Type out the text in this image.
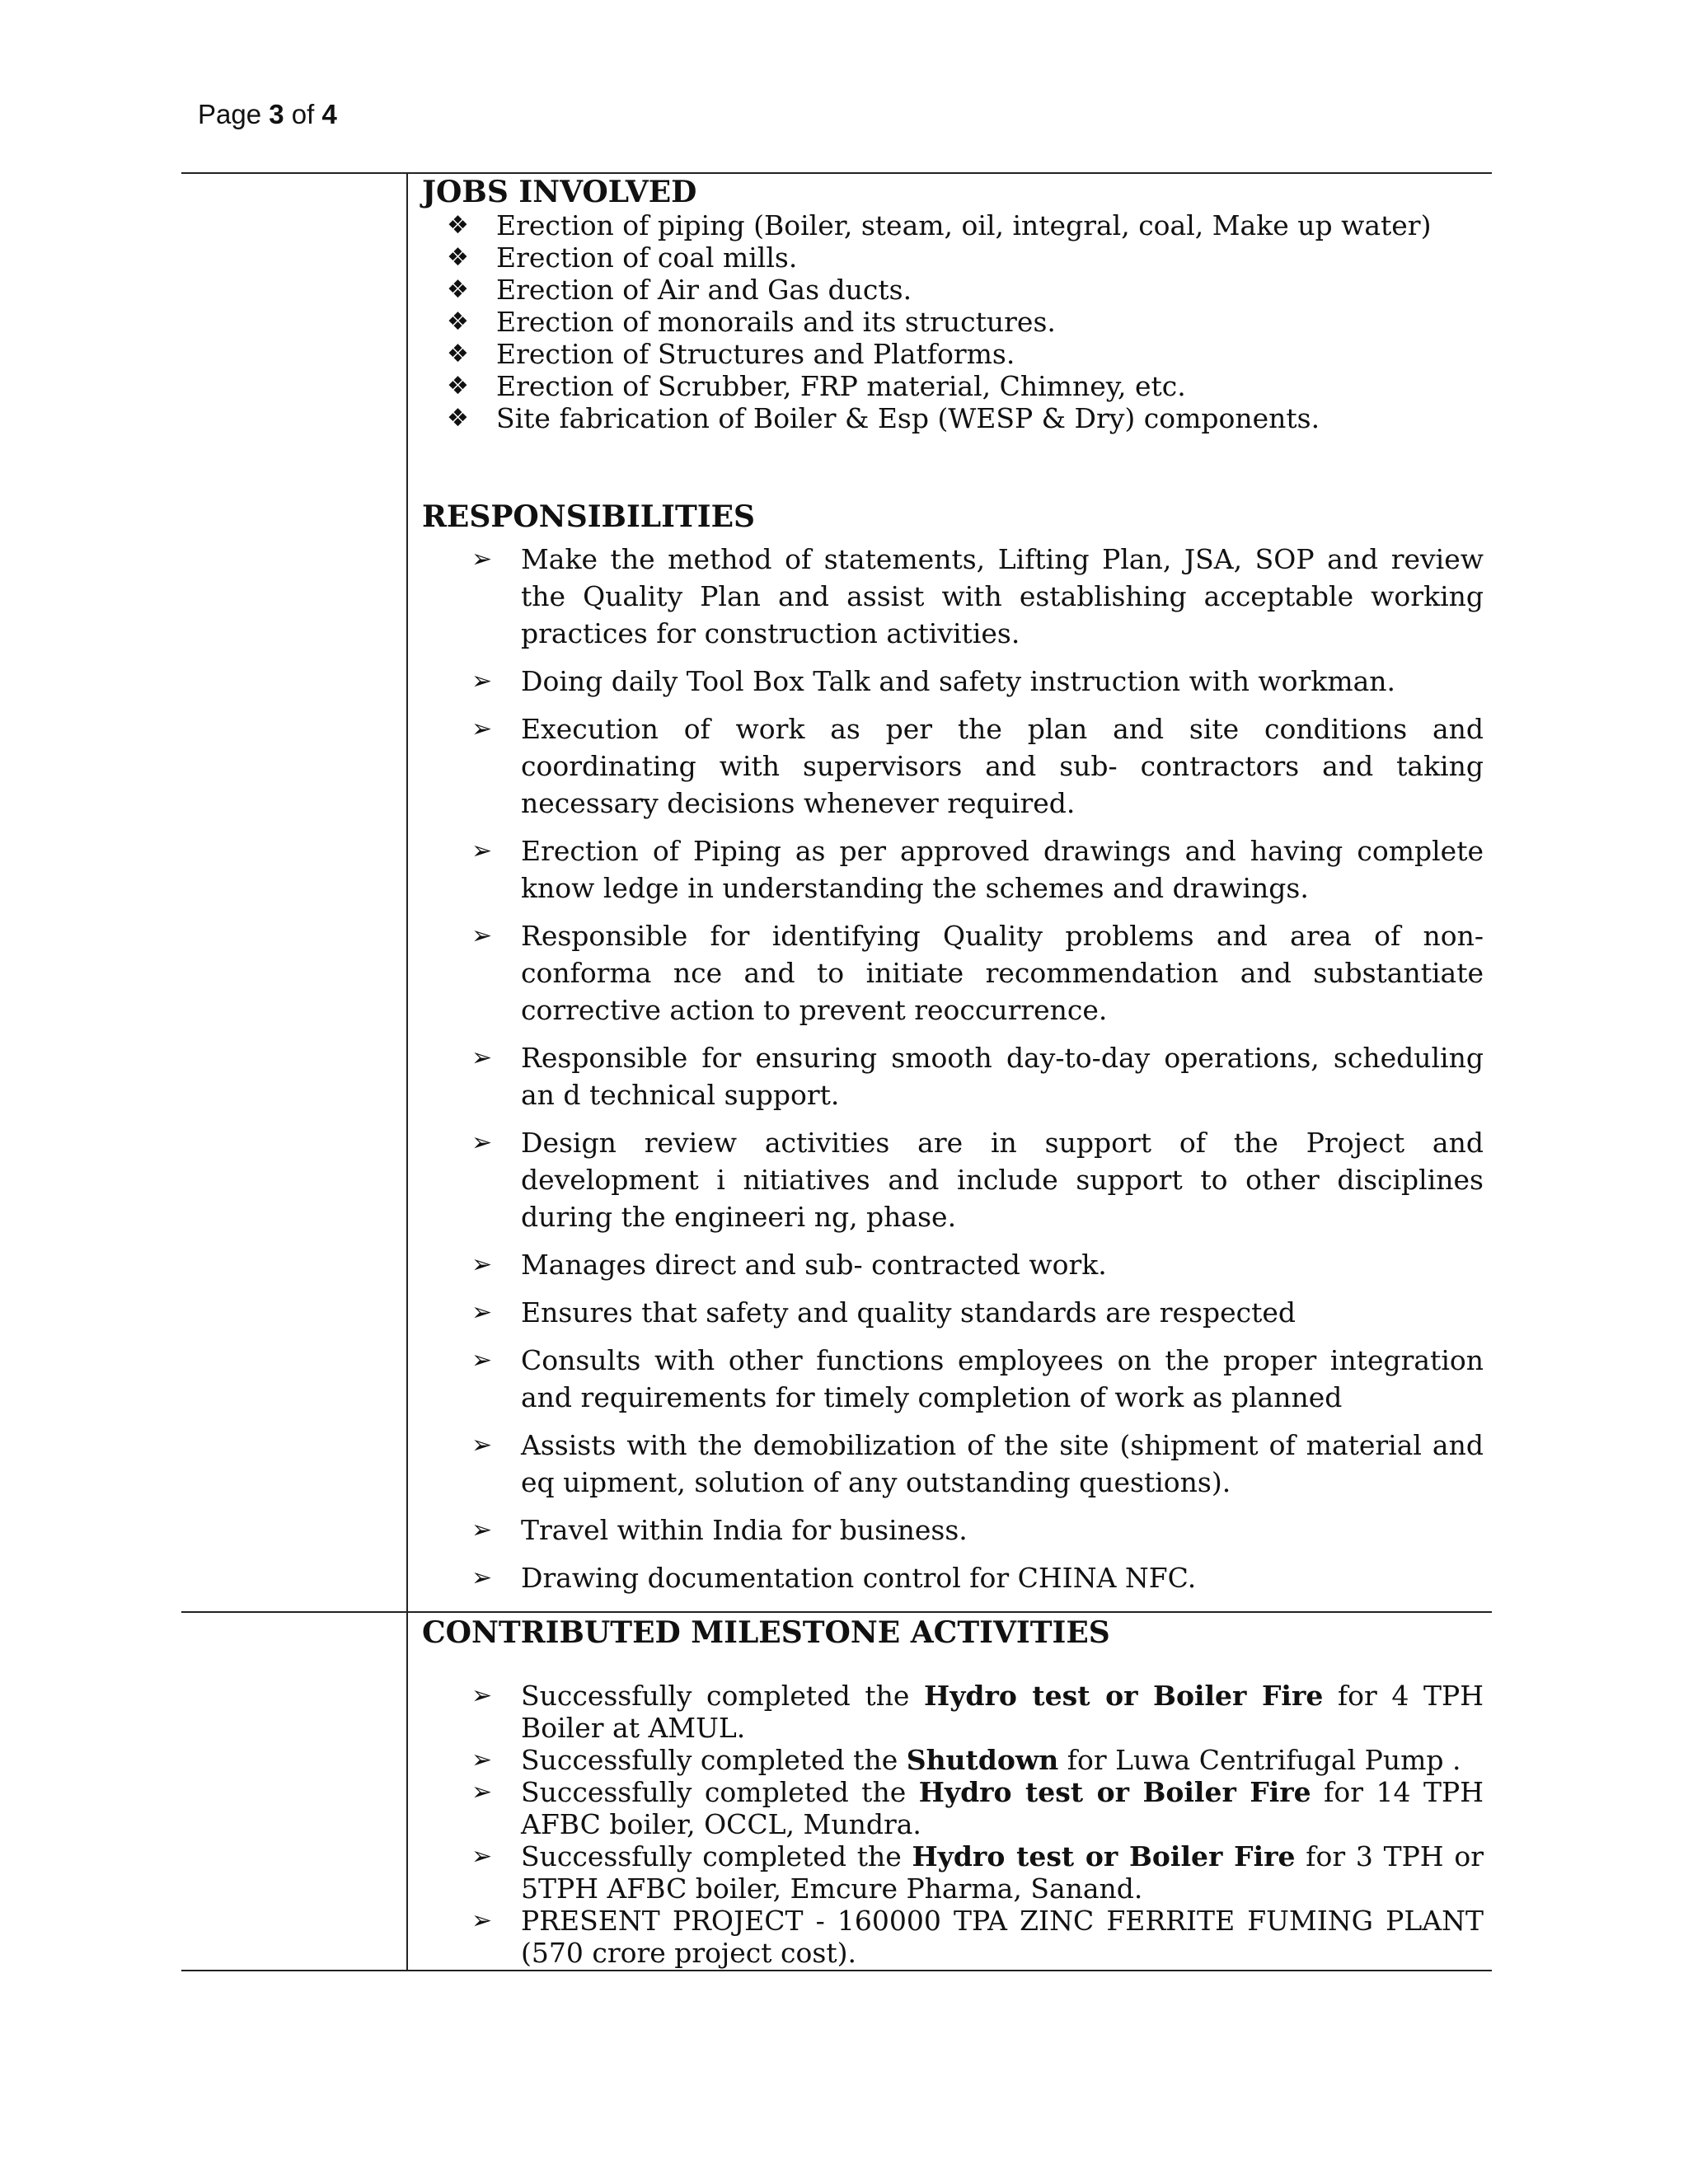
Page 3 of 4
JOBS INVOLVED
❖ Erection of piping (Boiler, steam, oil, integral, coal, Make up water)
❖ Erection of coal mills.
❖ Erection of Air and Gas ducts.
❖ Erection of monorails and its structures.
❖ Erection of Structures and Platforms.
❖ Erection of Scrubber, FRP material, Chimney, etc.
❖ Site fabrication of Boiler & Esp (WESP & Dry) components.
RESPONSIBILITIES
➢ Make the method of statements, Lifting Plan, JSA, SOP and review the Quality Plan and assist with establishing acceptable working practices for construction activities.
➢ Doing daily Tool Box Talk and safety instruction with workman.
➢ Execution of work as per the plan and site conditions and coordinating with supervisors and sub- contractors and taking necessary decisions whenever required.
➢ Erection of Piping as per approved drawings and having complete know ledge in understanding the schemes and drawings.
➢ Responsible for identifying Quality problems and area of non-conforma nce and to initiate recommendation and substantiate corrective action to prevent reoccurrence.
➢ Responsible for ensuring smooth day-to-day operations, scheduling an d technical support.
➢ Design review activities are in support of the Project and development i nitiatives and include support to other disciplines during the engineeri ng, phase.
➢ Manages direct and sub- contracted work.
➢ Ensures that safety and quality standards are respected
➢ Consults with other functions employees on the proper integration and requirements for timely completion of work as planned
➢ Assists with the demobilization of the site (shipment of material and eq uipment, solution of any outstanding questions).
➢ Travel within India for business.
➢ Drawing documentation control for CHINA NFC.
CONTRIBUTED MILESTONE ACTIVITIES
➢ Successfully completed the Hydro test or Boiler Fire for 4 TPH Boiler at AMUL.
➢ Successfully completed the Shutdown for Luwa Centrifugal Pump .
➢ Successfully completed the Hydro test or Boiler Fire for 14 TPH AFBC boiler, OCCL, Mundra.
➢ Successfully completed the Hydro test or Boiler Fire for 3 TPH or 5TPH AFBC boiler, Emcure Pharma, Sanand.
➢ PRESENT PROJECT - 160000 TPA ZINC FERRITE FUMING PLANT (570 crore project cost).
